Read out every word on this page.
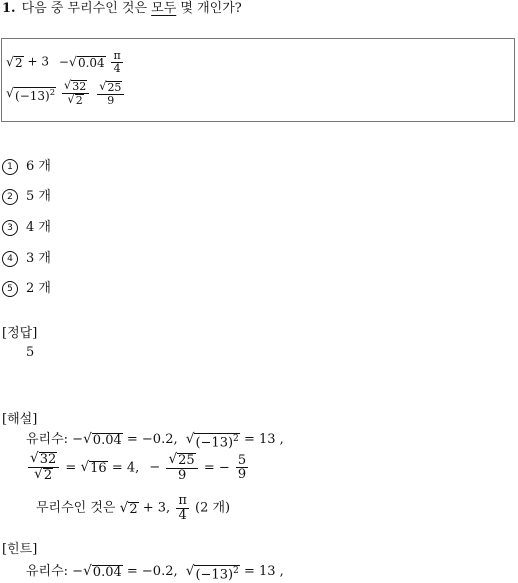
1. 다음 중 무리수인 것은 모두 몇 개인가?
√ 2 + 3 − √ 0.04
$\frac{\pi}{4}$
√ $(-13)^2$
$\frac{√ 32}{√ 2}$
$\frac{√ 25}{9}$
1 6 개
2 5 개
3 4 개
4 3 개
5 2 개
[정답]
5
[해설]
유리수: − √ 0.04 = −0.2, √ $(-13)^2 = 13$ ,
$\frac{√ 32}{√ 2}$ = √ 16 = 4, − $\frac{√ 25}{9}$ = − $\frac{5}{9}$
무리수인 것은 √ 2 + 3, $\frac{\pi}{4} (2$ 개)
[힌트]
유리수: − √ 0.04 = −0.2, √ $(-13)^2 = 13$ ,
